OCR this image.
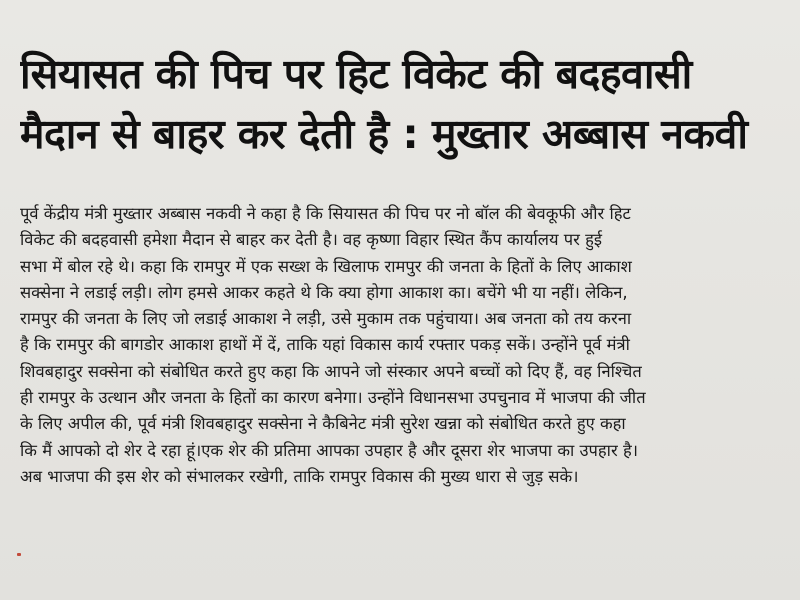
सियासत की पिच पर हिट विकेट की बदहवासी
मैदान से बाहर कर देती है : मुख्तार अब्बास नकवी
पूर्व केंद्रीय मंत्री मुख्तार अब्बास नकवी ने कहा है कि सियासत की पिच पर नो बॉल की बेवकूफी और हिट
विकेट की बदहवासी हमेशा मैदान से बाहर कर देती है। वह कृष्णा विहार स्थित कैंप कार्यालय पर हुई
सभा में बोल रहे थे। कहा कि रामपुर में एक सख्श के खिलाफ रामपुर की जनता के हितों के लिए आकाश
सक्सेना ने लडाई लड़ी। लोग हमसे आकर कहते थे कि क्या होगा आकाश का। बचेंगे भी या नहीं। लेकिन,
रामपुर की जनता के लिए जो लडाई आकाश ने लड़ी, उसे मुकाम तक पहुंचाया। अब जनता को तय करना
है कि रामपुर की बागडोर आकाश हाथों में दें, ताकि यहां विकास कार्य रफ्तार पकड़ सकें। उन्होंने पूर्व मंत्री
शिवबहादुर सक्सेना को संबोधित करते हुए कहा कि आपने जो संस्कार अपने बच्चों को दिए हैं, वह निश्चित
ही रामपुर के उत्थान और जनता के हितों का कारण बनेगा। उन्होंने विधानसभा उपचुनाव में भाजपा की जीत
के लिए अपील की, पूर्व मंत्री शिवबहादुर सक्सेना ने कैबिनेट मंत्री सुरेश खन्ना को संबोधित करते हुए कहा
कि मैं आपको दो शेर दे रहा हूं।एक शेर की प्रतिमा आपका उपहार है और दूसरा शेर भाजपा का उपहार है।
अब भाजपा की इस शेर को संभालकर रखेगी, ताकि रामपुर विकास की मुख्य धारा से जुड़ सके।
